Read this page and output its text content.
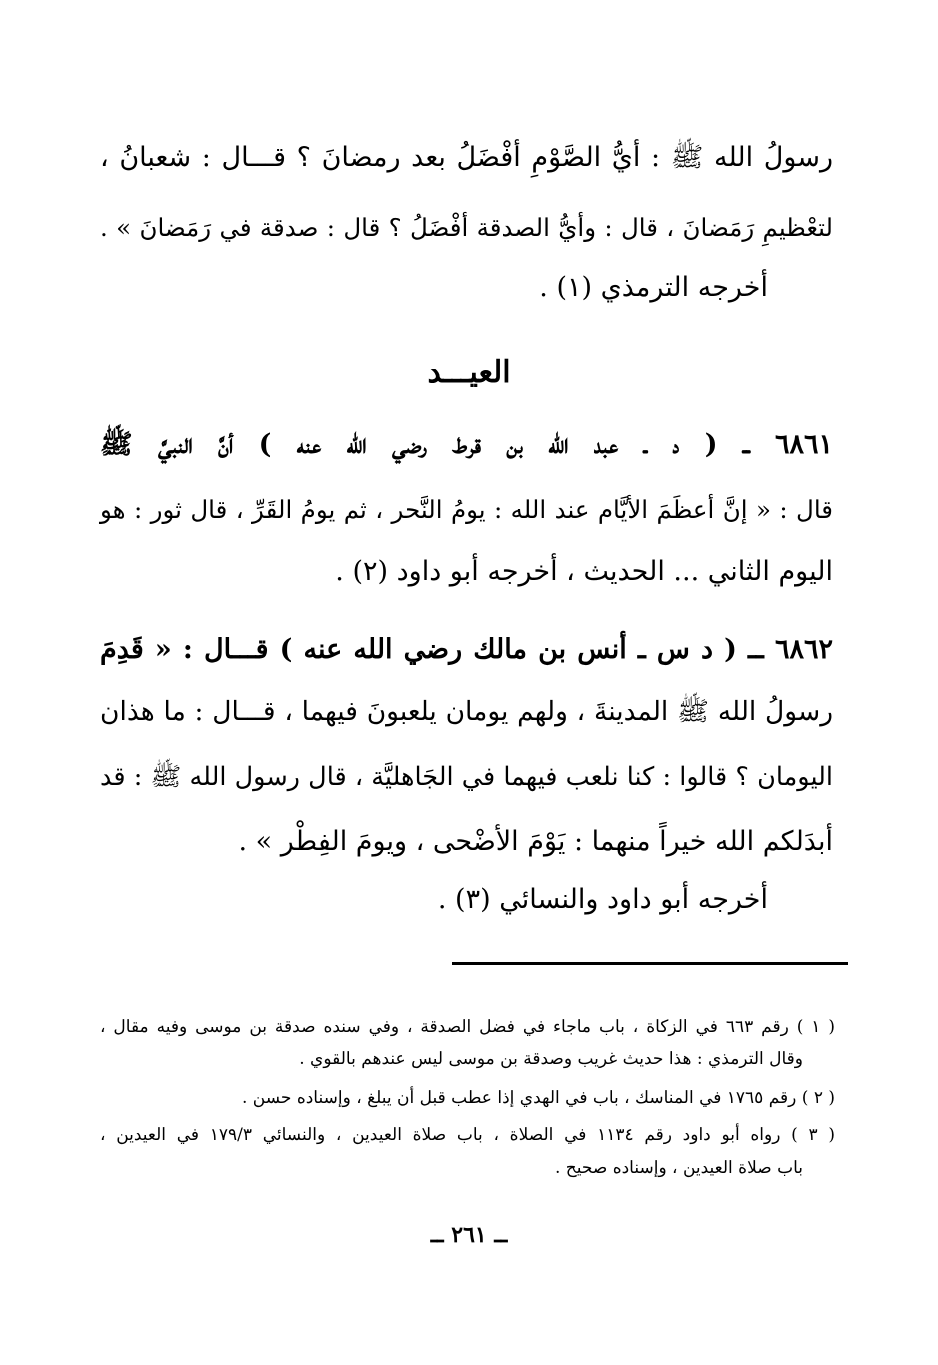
رسولُ الله ﷺ : أيُّ الصَّوْمِ أفْضَلُ بعد رمضانَ ؟ قـــال : شعبانُ ،
لتعْظيمِ رَمَضانَ ، قال : وأيُّ الصدقة أفْضَلُ ؟ قال : صدقة في رَمَضانَ » .
أخرجه الترمذي (١) .
العيـــد
٦٨٦١ ــ ( د ـ عبد الله بن قرط رضي الله عنه ) أنَّ النبيَّ ﷺ
قال : « إنَّ أعظَمَ الأيَّام عند الله : يومُ النَّحر ، ثم يومُ القَرِّ ، قال ثور : هو
اليوم الثاني ... الحديث ، أخرجه أبو داود (٢) .
٦٨٦٢ ــ ( د س ـ أنس بن مالك رضي الله عنه ) قـــال : « قَدِمَ
رسولُ الله ﷺ المدينةَ ، ولهم يومان يلعبونَ فيهما ، قـــال : ما هذان
اليومان ؟ قالوا : كنا نلعب فيهما في الجَاهليَّة ، قال رسول الله ﷺ : قد
أبدَلكم الله خيراً منهما : يَوْمَ الأضْحى ، ويومَ الفِطْر » .
أخرجه أبو داود والنسائي (٣) .
( ١ ) رقم ٦٦٣ في الزكاة ، باب ماجاء في فضل الصدقة ، وفي سنده صدقة بن موسى وفيه مقال ،
وقال الترمذي : هذا حديث غريب وصدقة بن موسى ليس عندهم بالقوي .
( ٢ ) رقم ١٧٦٥ في المناسك ، باب في الهدي إذا عطب قبل أن يبلغ ، وإسناده حسن .
( ٣ ) رواه أبو داود رقم ١١٣٤ في الصلاة ، باب صلاة العيدين ، والنسائي ١٧٩/٣ في العيدين ،
باب صلاة العيدين ، وإسناده صحيح .
ــ ٢٦١ ــ
